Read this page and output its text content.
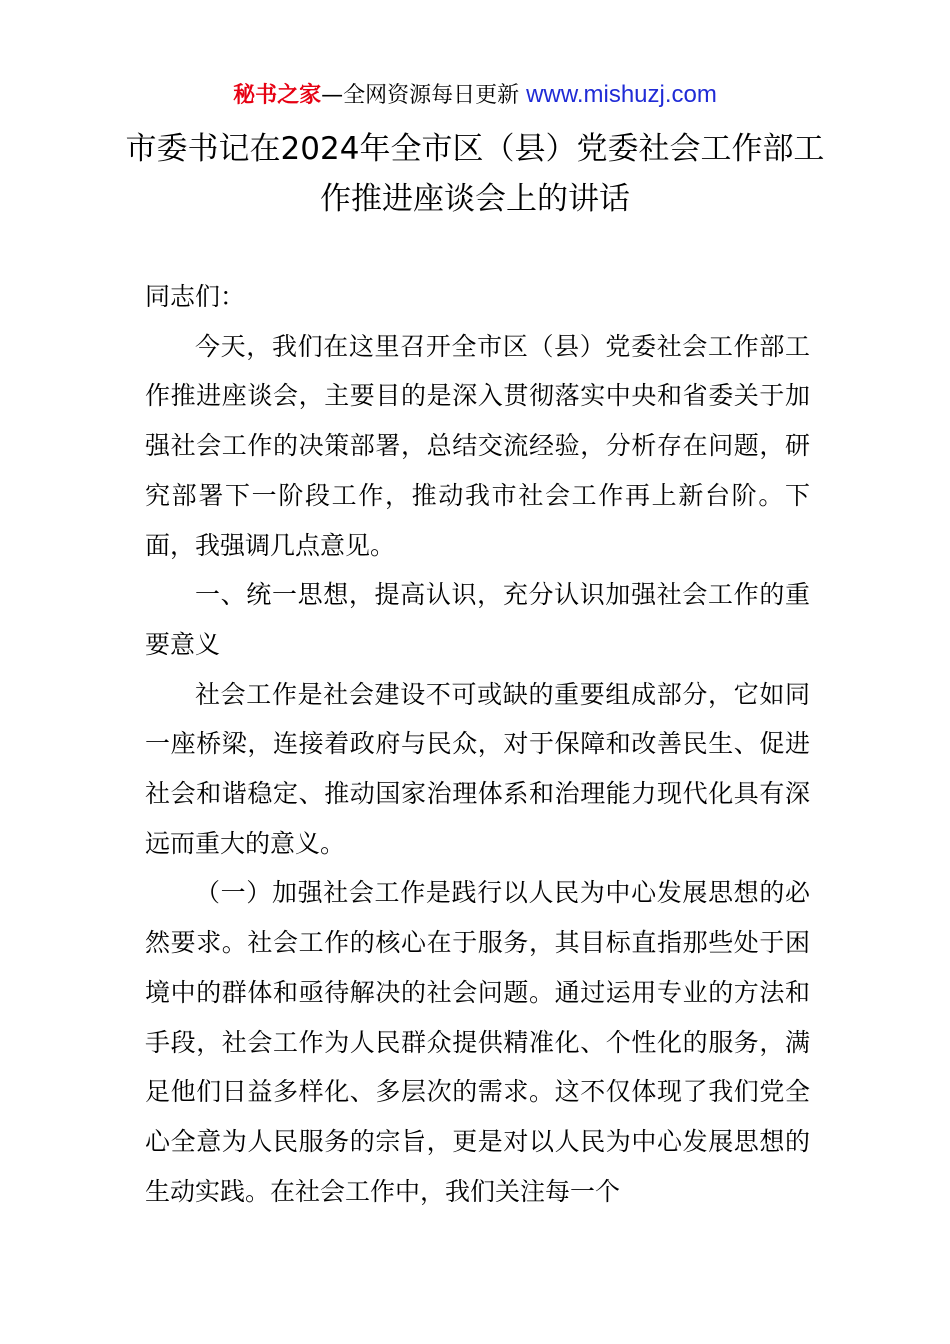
秘书之家—全网资源每日更新 www.mishuzj.com
市委书记在2024年全市区（县）党委社会工作部工作推进座谈会上的讲话

同志们：

今天，我们在这里召开全市区（县）党委社会工作部工作推进座谈会，主要目的是深入贯彻落实中央和省委关于加强社会工作的决策部署，总结交流经验，分析存在问题，研究部署下一阶段工作，推动我市社会工作再上新台阶。下面，我强调几点意见。

一、统一思想，提高认识，充分认识加强社会工作的重要意义

社会工作是社会建设不可或缺的重要组成部分，它如同一座桥梁，连接着政府与民众，对于保障和改善民生、促进社会和谐稳定、推动国家治理体系和治理能力现代化具有深远而重大的意义。

（一）加强社会工作是践行以人民为中心发展思想的必然要求。社会工作的核心在于服务，其目标直指那些处于困境中的群体和亟待解决的社会问题。通过运用专业的方法和手段，社会工作为人民群众提供精准化、个性化的服务，满足他们日益多样化、多层次的需求。这不仅体现了我们党全心全意为人民服务的宗旨，更是对以人民为中心发展思想的生动实践。在社会工作中，我们关注每一个
